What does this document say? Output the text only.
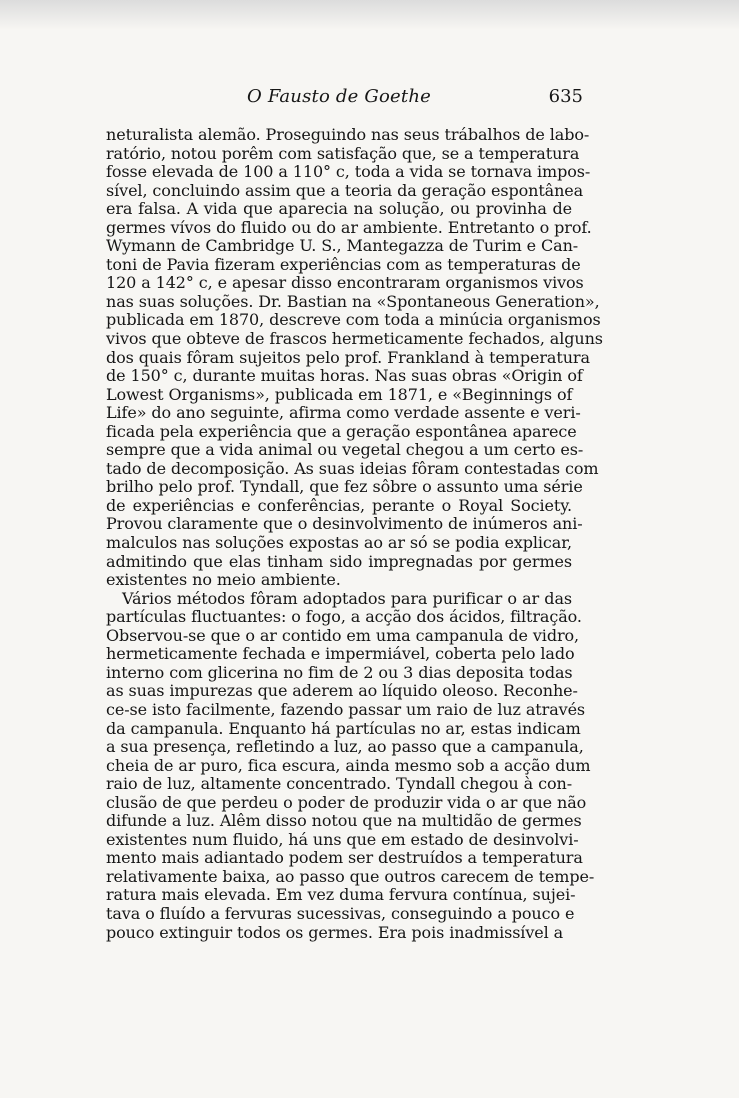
O Fausto de Goethe	635
neturalista alemão. Proseguindo nas seus trábalhos de labo-
ratório, notou porêm com satisfação que, se a temperatura
fosse elevada de 100 a 110° c, toda a vida se tornava impos-
sível, concluindo assim que a teoria da geração espontânea
era falsa. A vida que aparecia na solução, ou provinha de
germes vívos do fluido ou do ar ambiente. Entretanto o prof.
Wymann de Cambridge U. S., Mantegazza de Turim e Can-
toni de Pavia fizeram experiências com as temperaturas de
120 a 142° c, e apesar disso encontraram organismos vivos
nas suas soluções. Dr. Bastian na «Spontaneous Generation»,
publicada em 1870, descreve com toda a minúcia organismos
vivos que obteve de frascos hermeticamente fechados, alguns
dos quais fôram sujeitos pelo prof. Frankland à temperatura
de 150° c, durante muitas horas. Nas suas obras «Origin of
Lowest Organisms», publicada em 1871, e «Beginnings of
Life» do ano seguinte, afirma como verdade assente e veri-
ficada pela experiência que a geração espontânea aparece
sempre que a vida animal ou vegetal chegou a um certo es-
tado de decomposição. As suas ideias fôram contestadas com
brilho pelo prof. Tyndall, que fez sôbre o assunto uma série
de experiências e conferências, perante o Royal Society.
Provou claramente que o desinvolvimento de inúmeros ani-
malculos nas soluções expostas ao ar só se podia explicar,
admitindo que elas tinham sido impregnadas por germes
existentes no meio ambiente.
Vários métodos fôram adoptados para purificar o ar das
partículas fluctuantes: o fogo, a acção dos ácidos, filtração.
Observou-se que o ar contido em uma campanula de vidro,
hermeticamente fechada e impermiável, coberta pelo lado
interno com glicerina no fim de 2 ou 3 dias deposita todas
as suas impurezas que aderem ao líquido oleoso. Reconhe-
ce-se isto facilmente, fazendo passar um raio de luz através
da campanula. Enquanto há partículas no ar, estas indicam
a sua presença, refletindo a luz, ao passo que a campanula,
cheia de ar puro, fica escura, ainda mesmo sob a acção dum
raio de luz, altamente concentrado. Tyndall chegou à con-
clusão de que perdeu o poder de produzir vida o ar que não
difunde a luz. Alêm disso notou que na multidão de germes
existentes num fluido, há uns que em estado de desinvolvi-
mento mais adiantado podem ser destruídos a temperatura
relativamente baixa, ao passo que outros carecem de tempe-
ratura mais elevada. Em vez duma fervura contínua, sujei-
tava o fluído a fervuras sucessivas, conseguindo a pouco e
pouco extinguir todos os germes. Era pois inadmissível a
